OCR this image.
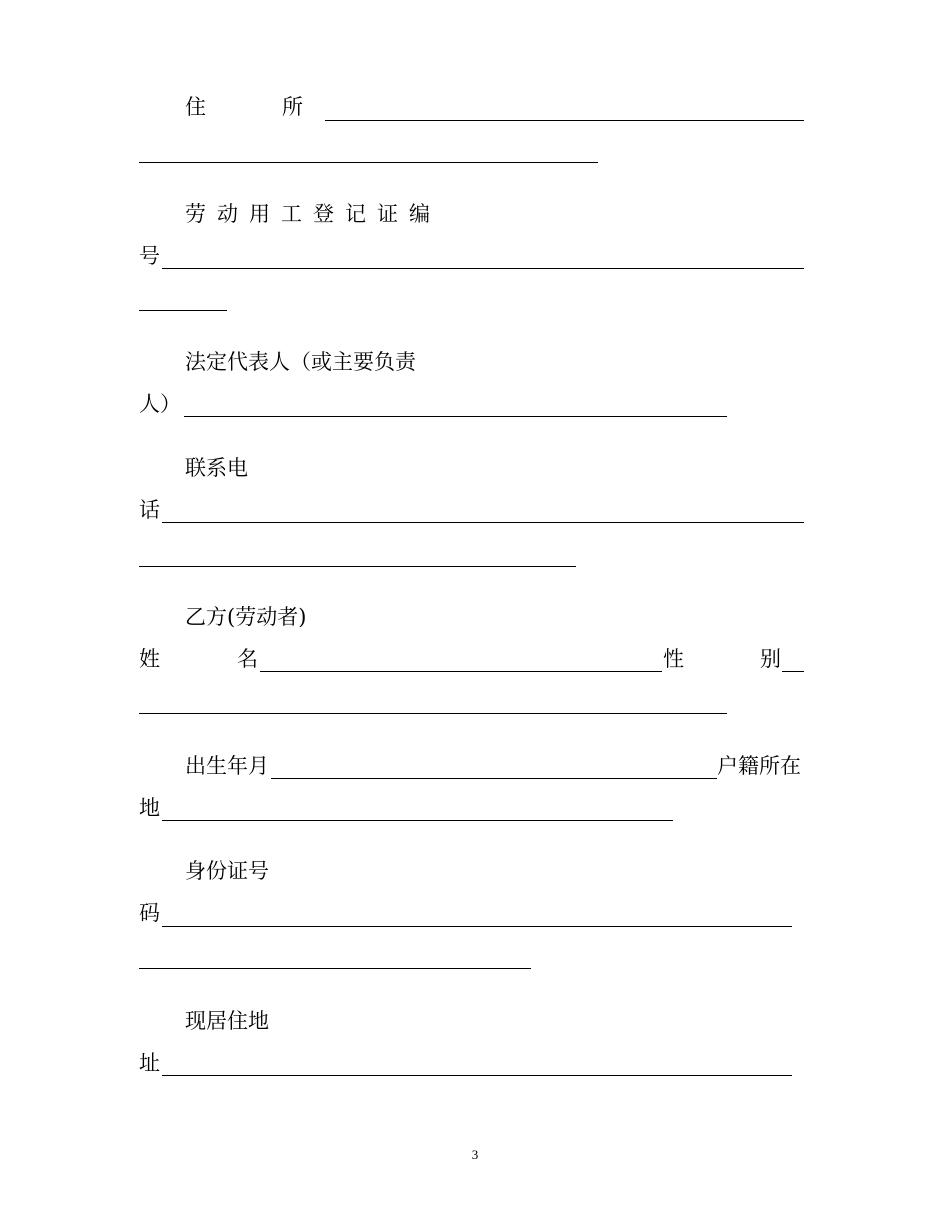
住	所
劳动用工登记证编
号
法定代表人（或主要负责
人）
联系电
话
乙方(劳动者)
姓	名	性	别
出生年月	户籍所在
地
身份证号
码
现居住地
址
3
